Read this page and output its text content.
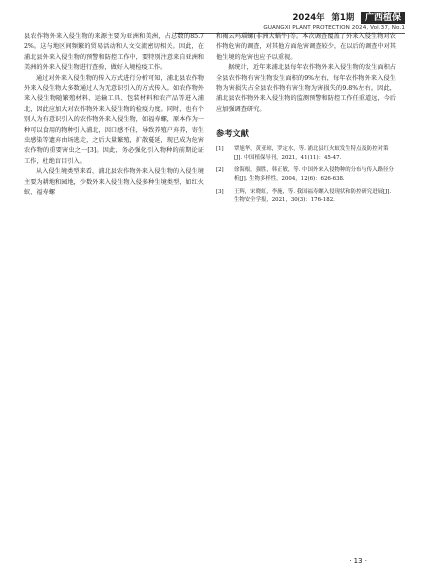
2024年 第1期 广西植保
GUANGXI PLANT PROTECTION 2024, Vol.37, No.1

县农作物外来入侵生物的来源主要为亚洲和美洲，占总数的85.72%。这与地区间频繁的贸易活动和人文交流密切相关。因此，在浦北县外来入侵生物的预警和防控工作中，要特别注意来自亚洲和美洲的外来入侵生物进行查验，做好入境检疫工作。

通过对外来入侵生物的传入方式进行分析可知，浦北县农作物外来入侵生物大多数通过人为无意识引入的方式传入。如农作物外来入侵生物随繁殖材料、运输工具、包装材料和农产品等进入浦北，因此应加大对农作物外来入侵生物的检疫力度。同时，也有个别人为有意识引入的农作物外来入侵生物，如福寿螺，原本作为一种可以食用的物种引入浦北，因口感不佳，导致养殖户弃养，寄生虫感染等遗弃由场逃走，之后大量繁殖，扩散蔓延，现已成为危害农作物的重要害虫之一[3]。因此，务必强化引入物种的前期论证工作，杜绝盲目引入。

从入侵生境类型来看，浦北县农作物外来入侵生物的入侵生境主要为耕地和园地，少数外来入侵生物入侵多种生境类型，如红火蚁、福寿螺

和褐云玛瑙螺(非洲大蜗牛)等。本次调查覆盖了外来入侵生物对农作物危害的调查，对其他方面危害调查较少，在以后的调查中对其他生境的危害也应予以重视。

据统计，近年来浦北县每年农作物外来入侵生物的发生面积占全县农作物有害生物发生面积的9%左右，每年农作物外来入侵生物为害损失占全县农作物有害生物为害损失的9.8%左右。因此，浦北县农作物外来入侵生物的监测预警和防控工作任重道远，今后应加强调查研究。

参考文献
[1]	覃旭华，黄亚琼，罗定水，等. 浦北县红火蚁发生特点及防控对策[J]. 中国植保导刊，2021，41(11)：45-47.
[2]	徐海根，强胜，韩正敏，等. 中国外来入侵物种的分布与传入路径分析[J]. 生物多样性，2004，12(6)：626-638.
[3]	王辉，宋晓虹，李施，等. 我国福寿螺入侵现状和防控研究进展[J]. 生物安全学报，2021，30(3)：176-182.
· 13 ·
